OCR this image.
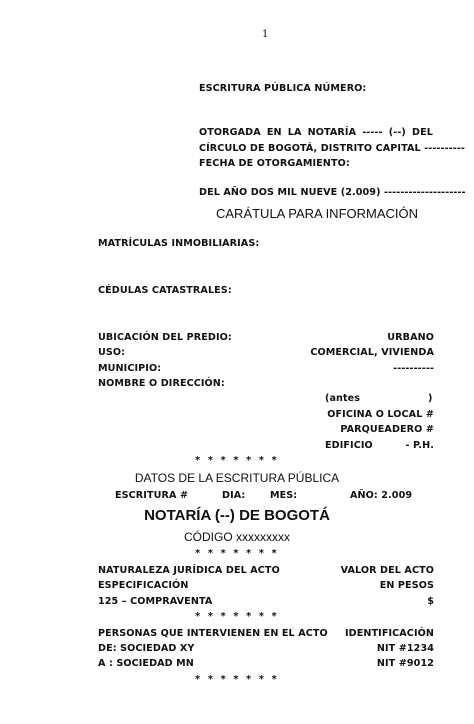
1
ESCRITURA PÚBLICA NÚMERO:
OTORGADA EN LA NOTARÍA ----- (--) DEL
CÍRCULO DE BOGOTÁ, DISTRITO CAPITAL ----------
FECHA DE OTORGAMIENTO:
DEL AÑO DOS MIL NUEVE (2.009) --------------------
CARÁTULA PARA INFORMACIÓN
MATRÍCULAS INMOBILIARIAS:
CÉDULAS CATASTRALES:
UBICACIÓN DEL PREDIO:	URBANO
USO:	COMERCIAL, VIVIENDA
MUNICIPIO:	----------
NOMBRE O DIRECCIÓN:
(antes	)
OFICINA O LOCAL #
PARQUEADERO #
EDIFICIO	- P.H.
* * * * * * *
DATOS DE LA ESCRITURA PÚBLICA
ESCRITURA #	DIA:	MES:	AÑO: 2.009
NOTARÍA (--) DE BOGOTÁ
CÓDIGO xxxxxxxxx
* * * * * * *
NATURALEZA JURÍDICA DEL ACTO	VALOR DEL ACTO
ESPECIFICACIÓN	EN PESOS
125 – COMPRAVENTA	$
* * * * * * *
PERSONAS QUE INTERVIENEN EN EL ACTO IDENTIFICACIÓN
DE: SOCIEDAD XY	NIT #1234
A : SOCIEDAD MN	NIT #9012
* * * * * * *
